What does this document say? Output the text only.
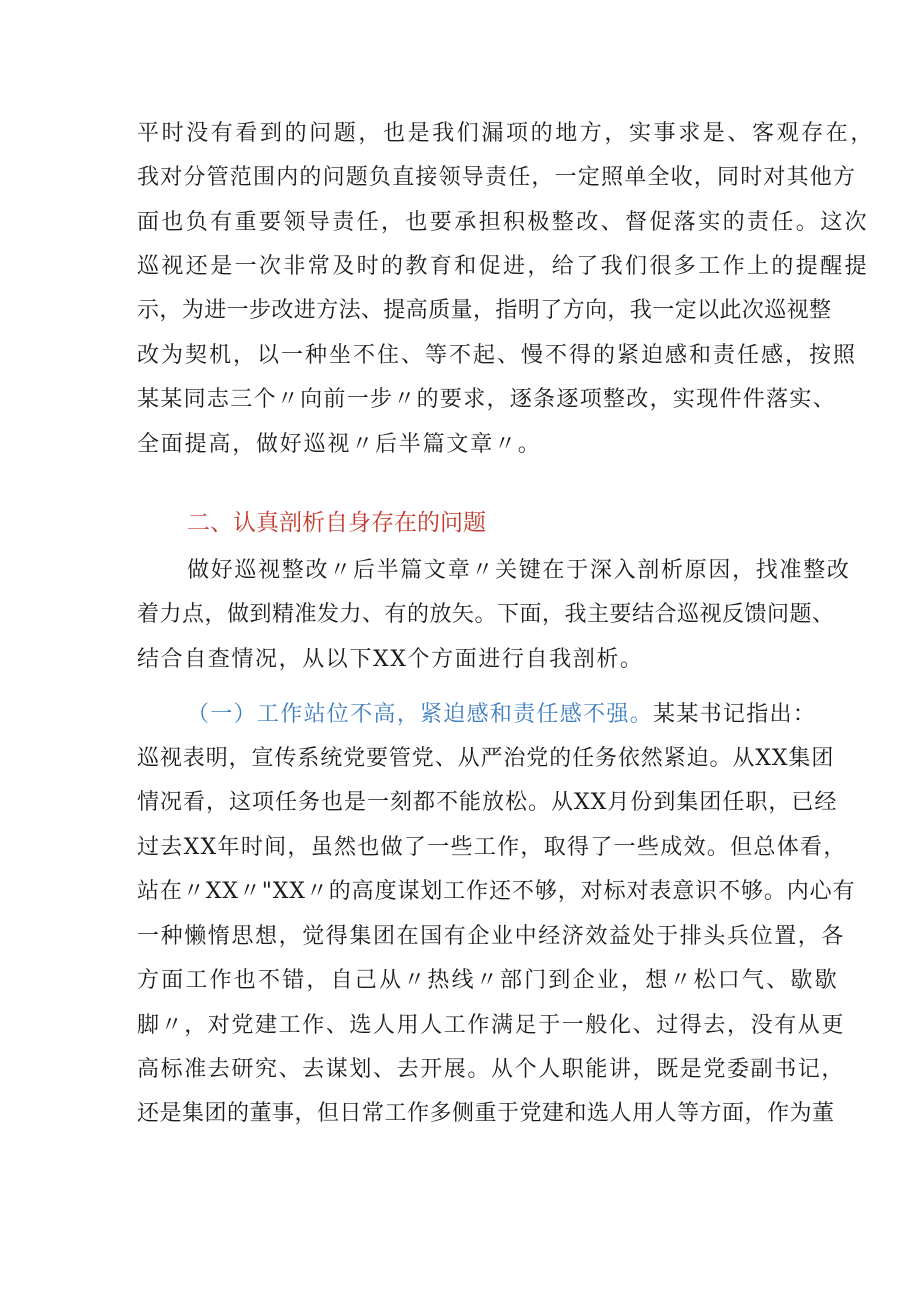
平时没有看到的问题，也是我们漏项的地方，实事求是、客观存在，
我对分管范围内的问题负直接领导责任，一定照单全收，同时对其他方
面也负有重要领导责任，也要承担积极整改、督促落实的责任。这次
巡视还是一次非常及时的教育和促进，给了我们很多工作上的提醒提
示，为进一步改进方法、提高质量，指明了方向，我一定以此次巡视整
改为契机，以一种坐不住、等不起、慢不得的紧迫感和责任感，按照
某某同志三个〃向前一步〃的要求，逐条逐项整改，实现件件落实、
全面提高，做好巡视〃后半篇文章〃。
二、认真剖析自身存在的问题
做好巡视整改〃后半篇文章〃关键在于深入剖析原因，找准整改
着力点，做到精准发力、有的放矢。下面，我主要结合巡视反馈问题、
结合自查情况，从以下XX个方面进行自我剖析。
（一）工作站位不高，紧迫感和责任感不强。某某书记指出：
巡视表明，宣传系统党要管党、从严治党的任务依然紧迫。从XX集团
情况看，这项任务也是一刻都不能放松。从XX月份到集团任职，已经
过去XX年时间，虽然也做了一些工作，取得了一些成效。但总体看，
站在〃XX〃"XX〃的高度谋划工作还不够，对标对表意识不够。内心有
一种懒惰思想，觉得集团在国有企业中经济效益处于排头兵位置，各
方面工作也不错，自己从〃热线〃部门到企业，想〃松口气、歇歇
脚〃，对党建工作、选人用人工作满足于一般化、过得去，没有从更
高标准去研究、去谋划、去开展。从个人职能讲，既是党委副书记，
还是集团的董事，但日常工作多侧重于党建和选人用人等方面，作为董
